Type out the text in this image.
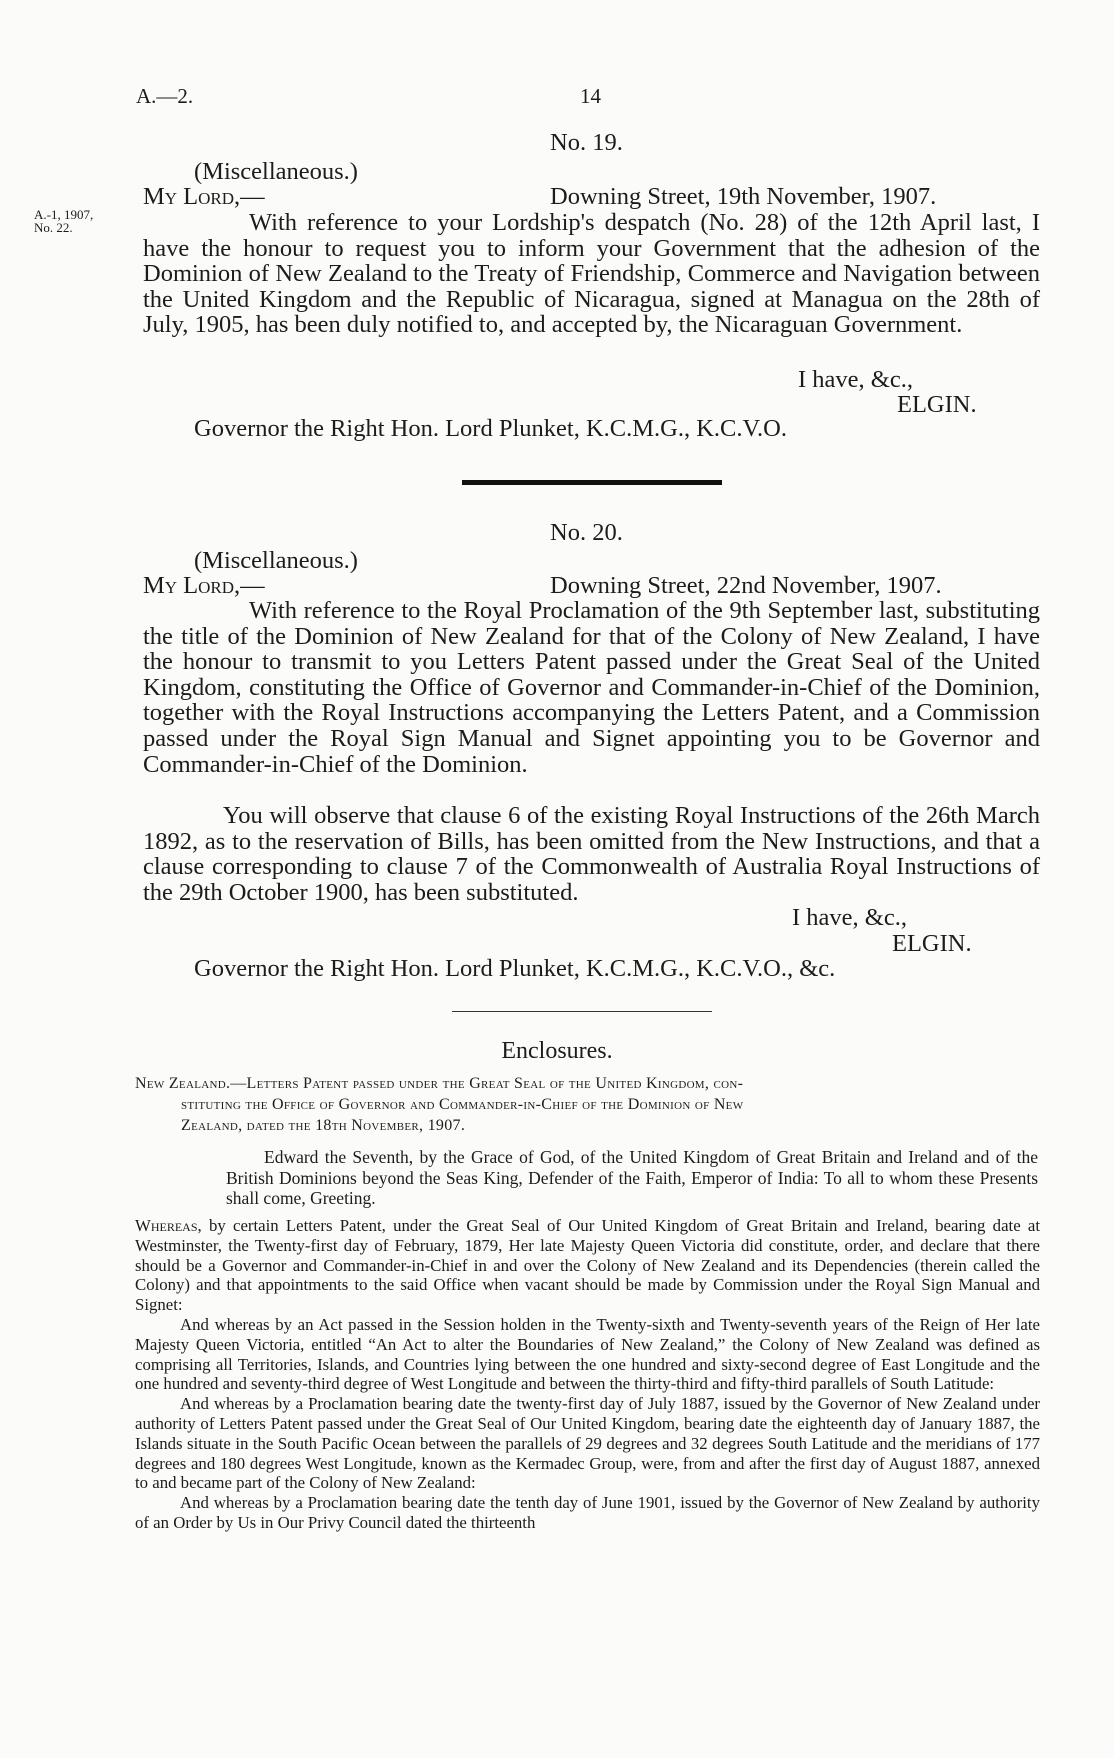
A.—2.	14
No. 19.
(Miscellaneous.)
My Lord,—	Downing Street, 19th November, 1907.
A.-1, 1907,
No. 22.	With reference to your Lordship's despatch (No. 28) of the 12th April last, I have the honour to request you to inform your Government that the adhesion of the Dominion of New Zealand to the Treaty of Friendship, Commerce and Navigation between the United Kingdom and the Republic of Nicaragua, signed at Managua on the 28th of July, 1905, has been duly notified to, and accepted by, the Nicaraguan Government.
I have, &c.,
ELGIN.
Governor the Right Hon. Lord Plunket, K.C.M.G., K.C.V.O.
No. 20.
(Miscellaneous.)
My Lord,—	Downing Street, 22nd November, 1907.
With reference to the Royal Proclamation of the 9th September last, substituting the title of the Dominion of New Zealand for that of the Colony of New Zealand, I have the honour to transmit to you Letters Patent passed under the Great Seal of the United Kingdom, constituting the Office of Governor and Commander-in-Chief of the Dominion, together with the Royal Instructions accompanying the Letters Patent, and a Commission passed under the Royal Sign Manual and Signet appointing you to be Governor and Commander-in-Chief of the Dominion.
You will observe that clause 6 of the existing Royal Instructions of the 26th March 1892, as to the reservation of Bills, has been omitted from the New Instructions, and that a clause corresponding to clause 7 of the Commonwealth of Australia Royal Instructions of the 29th October 1900, has been substituted.
I have, &c.,
ELGIN.
Governor the Right Hon. Lord Plunket, K.C.M.G., K.C.V.O., &c.
Enclosures.
New Zealand.—Letters Patent passed under the Great Seal of the United Kingdom, con-
stituting the Office of Governor and Commander-in-Chief of the Dominion of New
Zealand, dated the 18th November, 1907.
Edward the Seventh, by the Grace of God, of the United Kingdom of Great Britain and Ireland and of the British Dominions beyond the Seas King, Defender of the Faith, Emperor of India: To all to whom these Presents shall come, Greeting.

Whereas, by certain Letters Patent, under the Great Seal of Our United Kingdom of Great Britain and Ireland, bearing date at Westminster, the Twenty-first day of February, 1879, Her late Majesty Queen Victoria did constitute, order, and declare that there should be a Governor and Commander-in-Chief in and over the Colony of New Zealand and its Dependencies (therein called the Colony) and that appointments to the said Office when vacant should be made by Commission under the Royal Sign Manual and Signet:

And whereas by an Act passed in the Session holden in the Twenty-sixth and Twenty-seventh years of the Reign of Her late Majesty Queen Victoria, entitled “An Act to alter the Boundaries of New Zealand,” the Colony of New Zealand was defined as comprising all Territories, Islands, and Countries lying between the one hundred and sixty-second degree of East Longitude and the one hundred and seventy-third degree of West Longitude and between the thirty-third and fifty-third parallels of South Latitude:

And whereas by a Proclamation bearing date the twenty-first day of July 1887, issued by the Governor of New Zealand under authority of Letters Patent passed under the Great Seal of Our United Kingdom, bearing date the eighteenth day of January 1887, the Islands situate in the South Pacific Ocean between the parallels of 29 degrees and 32 degrees South Latitude and the meridians of 177 degrees and 180 degrees West Longitude, known as the Kermadec Group, were, from and after the first day of August 1887, annexed to and became part of the Colony of New Zealand:

And whereas by a Proclamation bearing date the tenth day of June 1901, issued by the Governor of New Zealand by authority of an Order by Us in Our Privy Council dated the thirteenth
